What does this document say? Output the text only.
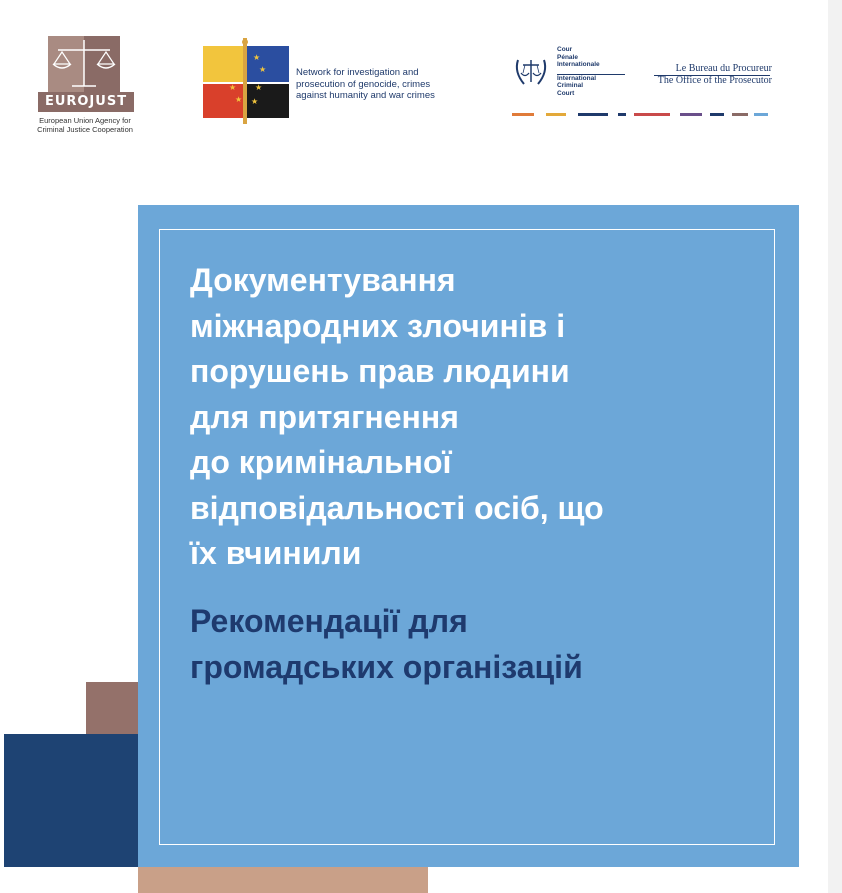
EUROJUST
European Union Agency for
Criminal Justice Cooperation
★ ★
★	★
★ ★
★ ★
Network for investigation and
prosecution of genocide, crimes
against humanity and war crimes
Cour
Pénale
Internationale
International
Criminal
Court
Le Bureau du Procureur
The Office of the Prosecutor
Документування
міжнародних злочинів і
порушень прав людини
для притягнення
до кримінальної
відповідальності осіб, що
їх вчинили
Рекомендації для
громадських організацій
